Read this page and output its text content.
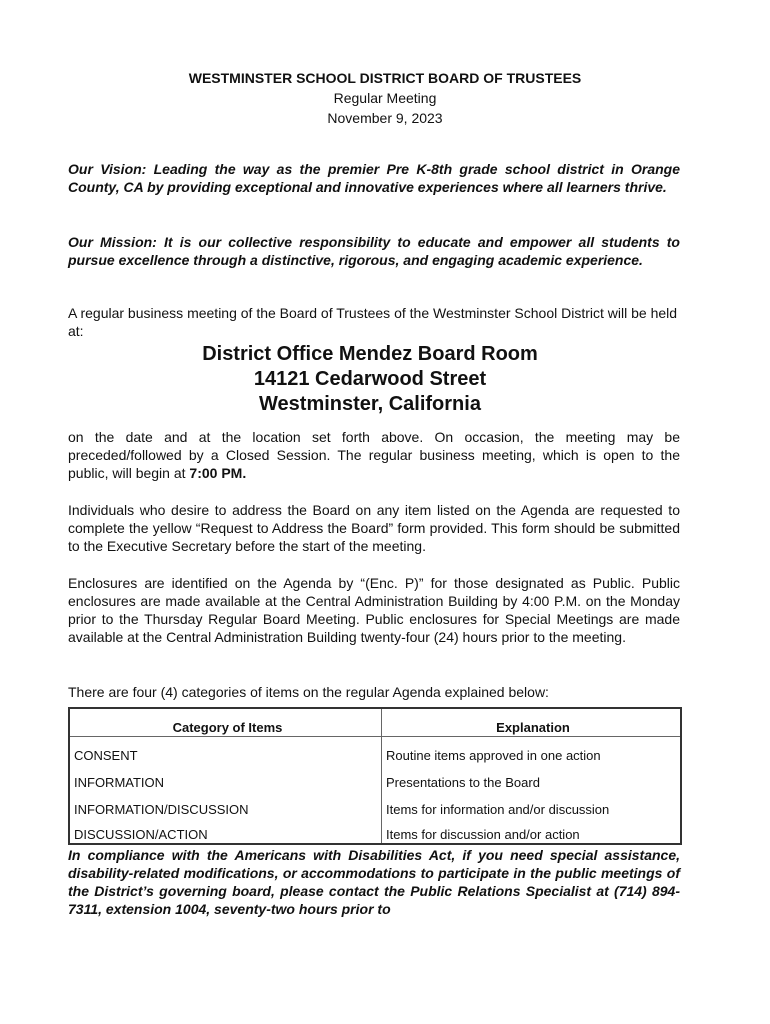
WESTMINSTER SCHOOL DISTRICT BOARD OF TRUSTEES
Regular Meeting
November 9, 2023
Our Vision: Leading the way as the premier Pre K-8th grade school district in Orange County, CA by providing exceptional and innovative experiences where all learners thrive.
Our Mission: It is our collective responsibility to educate and empower all students to pursue excellence through a distinctive, rigorous, and engaging academic experience.
A regular business meeting of the Board of Trustees of the Westminster School District will be held at:
District Office Mendez Board Room
14121 Cedarwood Street
Westminster, California
on the date and at the location set forth above. On occasion, the meeting may be preceded/followed by a Closed Session. The regular business meeting, which is open to the public, will begin at 7:00 PM.
Individuals who desire to address the Board on any item listed on the Agenda are requested to complete the yellow “Request to Address the Board” form provided. This form should be submitted to the Executive Secretary before the start of the meeting.
Enclosures are identified on the Agenda by “(Enc. P)” for those designated as Public. Public enclosures are made available at the Central Administration Building by 4:00 P.M. on the Monday prior to the Thursday Regular Board Meeting. Public enclosures for Special Meetings are made available at the Central Administration Building twenty-four (24) hours prior to the meeting.
There are four (4) categories of items on the regular Agenda explained below:
Category of Items	Explanation
CONSENT	Routine items approved in one action
INFORMATION	Presentations to the Board
INFORMATION/DISCUSSION	Items for information and/or discussion
DISCUSSION/ACTION	Items for discussion and/or action
In compliance with the Americans with Disabilities Act, if you need special assistance, disability-related modifications, or accommodations to participate in the public meetings of the District’s governing board, please contact the Public Relations Specialist at (714) 894-7311, extension 1004, seventy-two hours prior to
